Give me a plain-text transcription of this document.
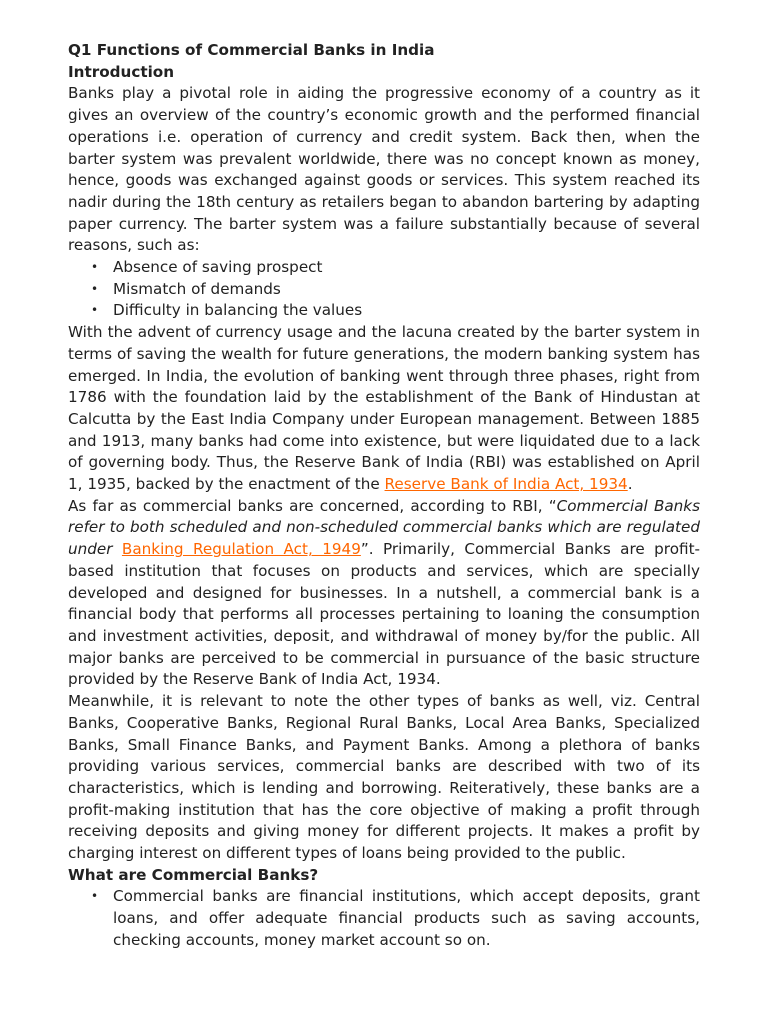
Q1 Functions of Commercial Banks in India
Introduction

Banks play a pivotal role in aiding the progressive economy of a country as it gives an overview of the country’s economic growth and the performed financial operations i.e. operation of currency and credit system. Back then, when the barter system was prevalent worldwide, there was no concept known as money, hence, goods was exchanged against goods or services. This system reached its nadir during the 18th century as retailers began to abandon bartering by adapting paper currency. The barter system was a failure substantially because of several reasons, such as:

• Absence of saving prospect
• Mismatch of demands
• Difficulty in balancing the values

With the advent of currency usage and the lacuna created by the barter system in terms of saving the wealth for future generations, the modern banking system has emerged. In India, the evolution of banking went through three phases, right from 1786 with the foundation laid by the establishment of the Bank of Hindustan at Calcutta by the East India Company under European management. Between 1885 and 1913, many banks had come into existence, but were liquidated due to a lack of governing body. Thus, the Reserve Bank of India (RBI) was established on April 1, 1935, backed by the enactment of the Reserve Bank of India Act, 1934.

As far as commercial banks are concerned, according to RBI, “Commercial Banks refer to both scheduled and non-scheduled commercial banks which are regulated under Banking Regulation Act, 1949”. Primarily, Commercial Banks are profit-based institution that focuses on products and services, which are specially developed and designed for businesses. In a nutshell, a commercial bank is a financial body that performs all processes pertaining to loaning the consumption and investment activities, deposit, and withdrawal of money by/for the public. All major banks are perceived to be commercial in pursuance of the basic structure provided by the Reserve Bank of India Act, 1934.

Meanwhile, it is relevant to note the other types of banks as well, viz. Central Banks, Cooperative Banks, Regional Rural Banks, Local Area Banks, Specialized Banks, Small Finance Banks, and Payment Banks. Among a plethora of banks providing various services, commercial banks are described with two of its characteristics, which is lending and borrowing. Reiteratively, these banks are a profit-making institution that has the core objective of making a profit through receiving deposits and giving money for different projects. It makes a profit by charging interest on different types of loans being provided to the public.

What are Commercial Banks?
• Commercial banks are financial institutions, which accept deposits, grant loans, and offer adequate financial products such as saving accounts, checking accounts, money market account so on.
